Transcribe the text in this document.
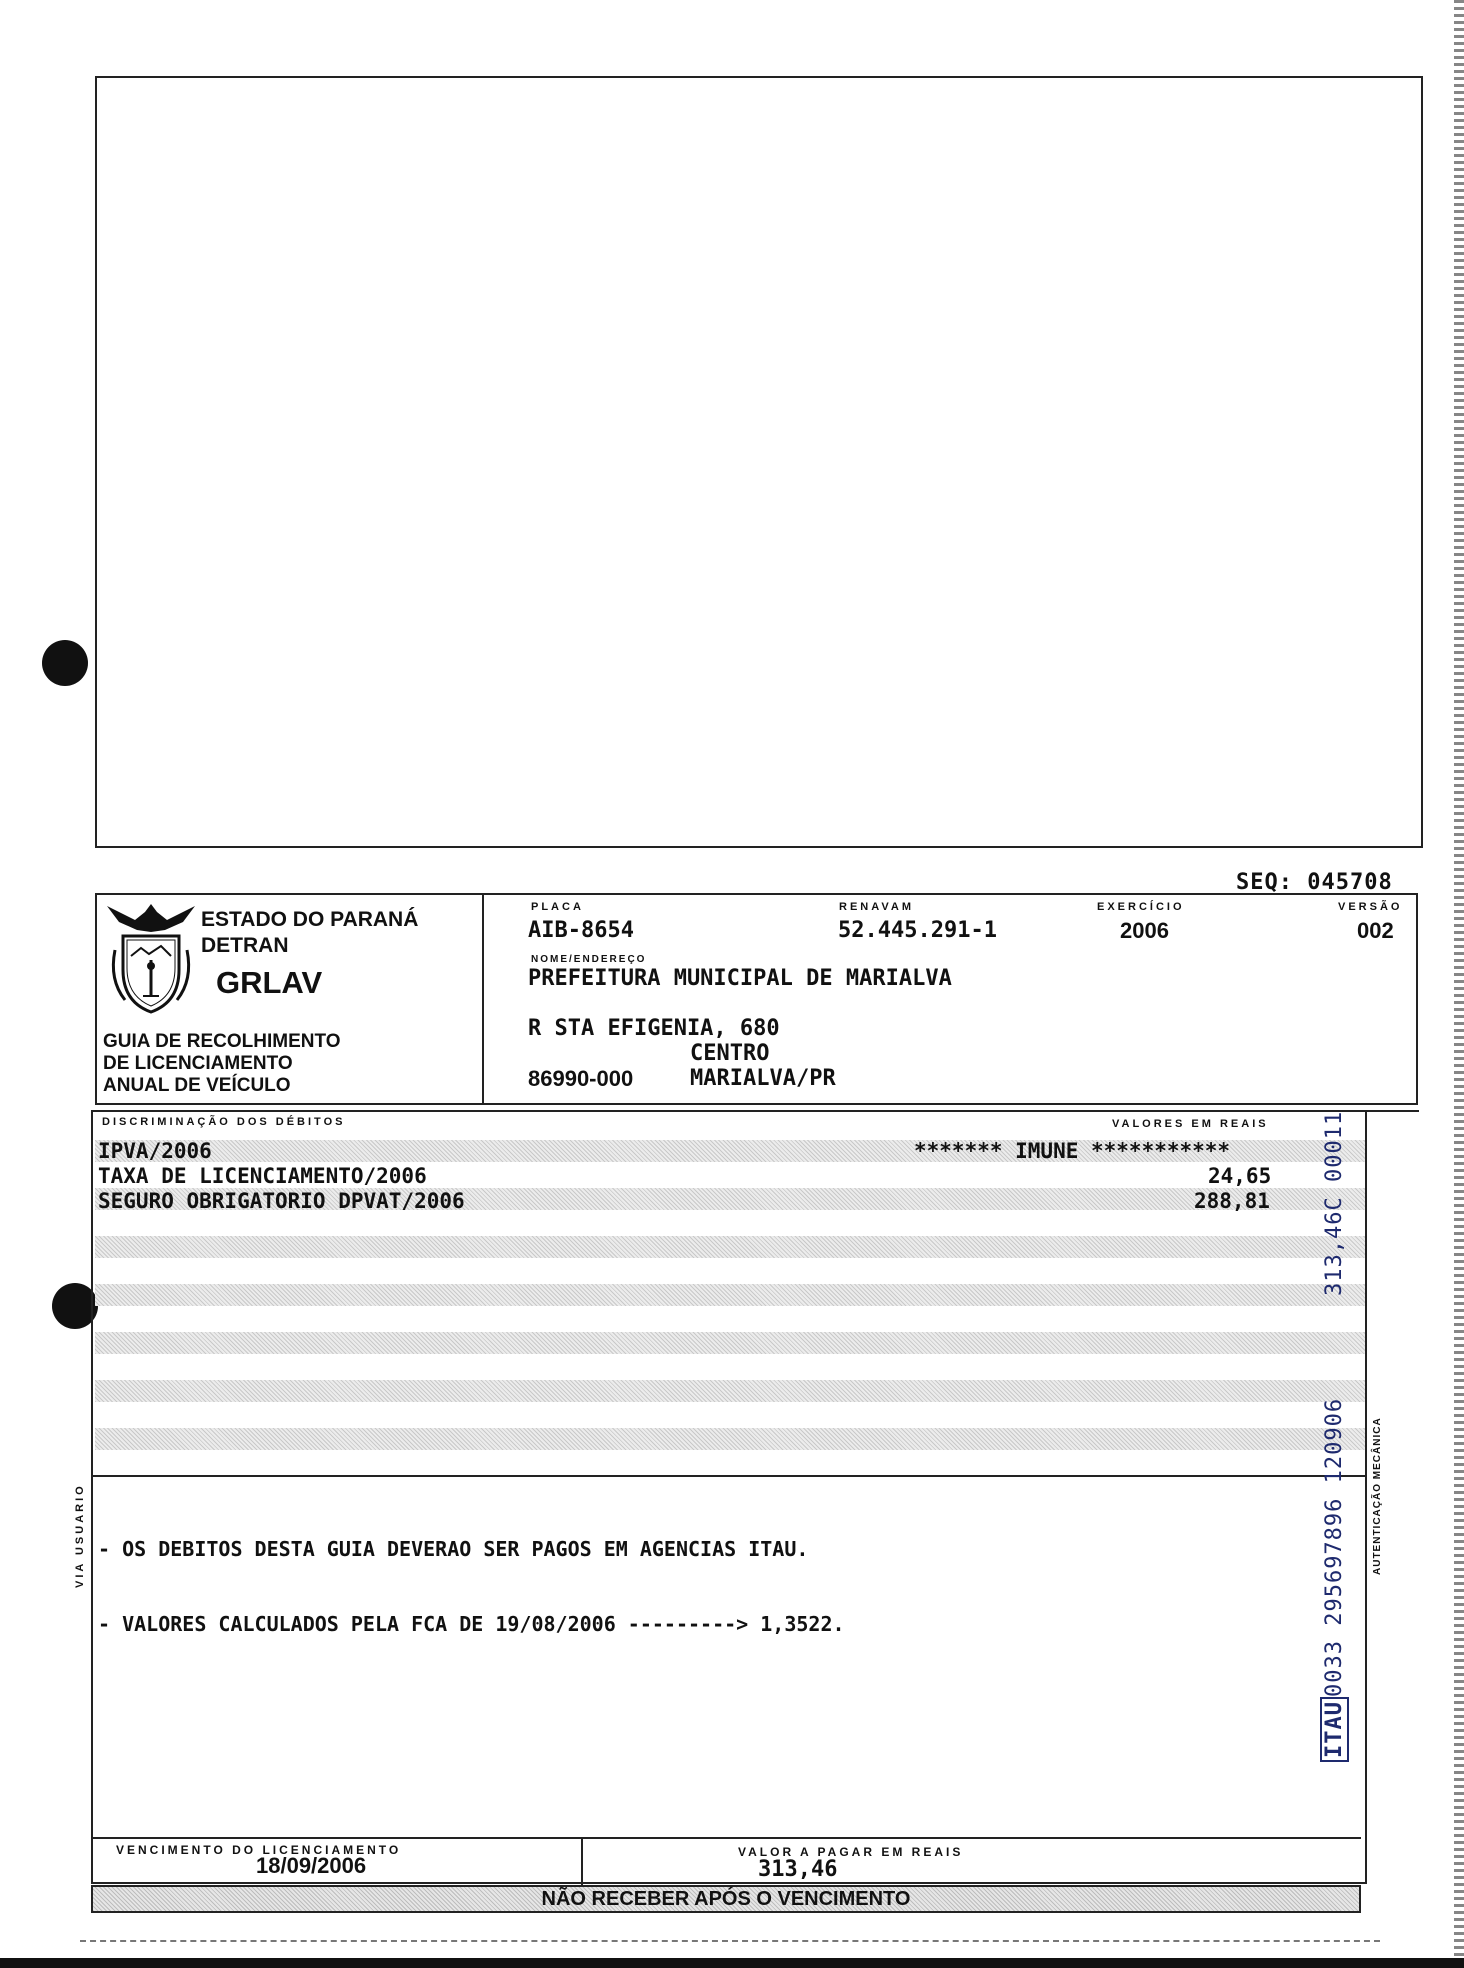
SEQ: 045708
ESTADO DO PARANÁ
DETRAN
GRLAV
GUIA DE RECOLHIMENTO
DE LICENCIAMENTO
ANUAL DE VEÍCULO
PLACA
AIB-8654
RENAVAM
52.445.291-1
EXERCÍCIO
2006
VERSÃO
002
NOME/ENDEREÇO
PREFEITURA MUNICIPAL DE MARIALVA
R STA EFIGENIA, 680
CENTRO
86990-000	MARIALVA/PR
DISCRIMINAÇÃO DOS DÉBITOS	VALORES EM REAIS
IPVA/2006	******* IMUNE ***********
TAXA DE LICENCIAMENTO/2006	24,65
SEGURO OBRIGATORIO DPVAT/2006	288,81

- OS DEBITOS DESTA GUIA DEVERAO SER PAGOS EM AGENCIAS ITAU.

- VALORES CALCULADOS PELA FCA DE 19/08/2006 ---------> 1,3522.

VIA USUARIO	AUTENTICAÇÃO MECÂNICA
ITAU0033 295697896 120906
313,46C 00011
VENCIMENTO DO LICENCIAMENTO
18/09/2006
VALOR A PAGAR EM REAIS
313,46
NÃO RECEBER APÓS O VENCIMENTO
